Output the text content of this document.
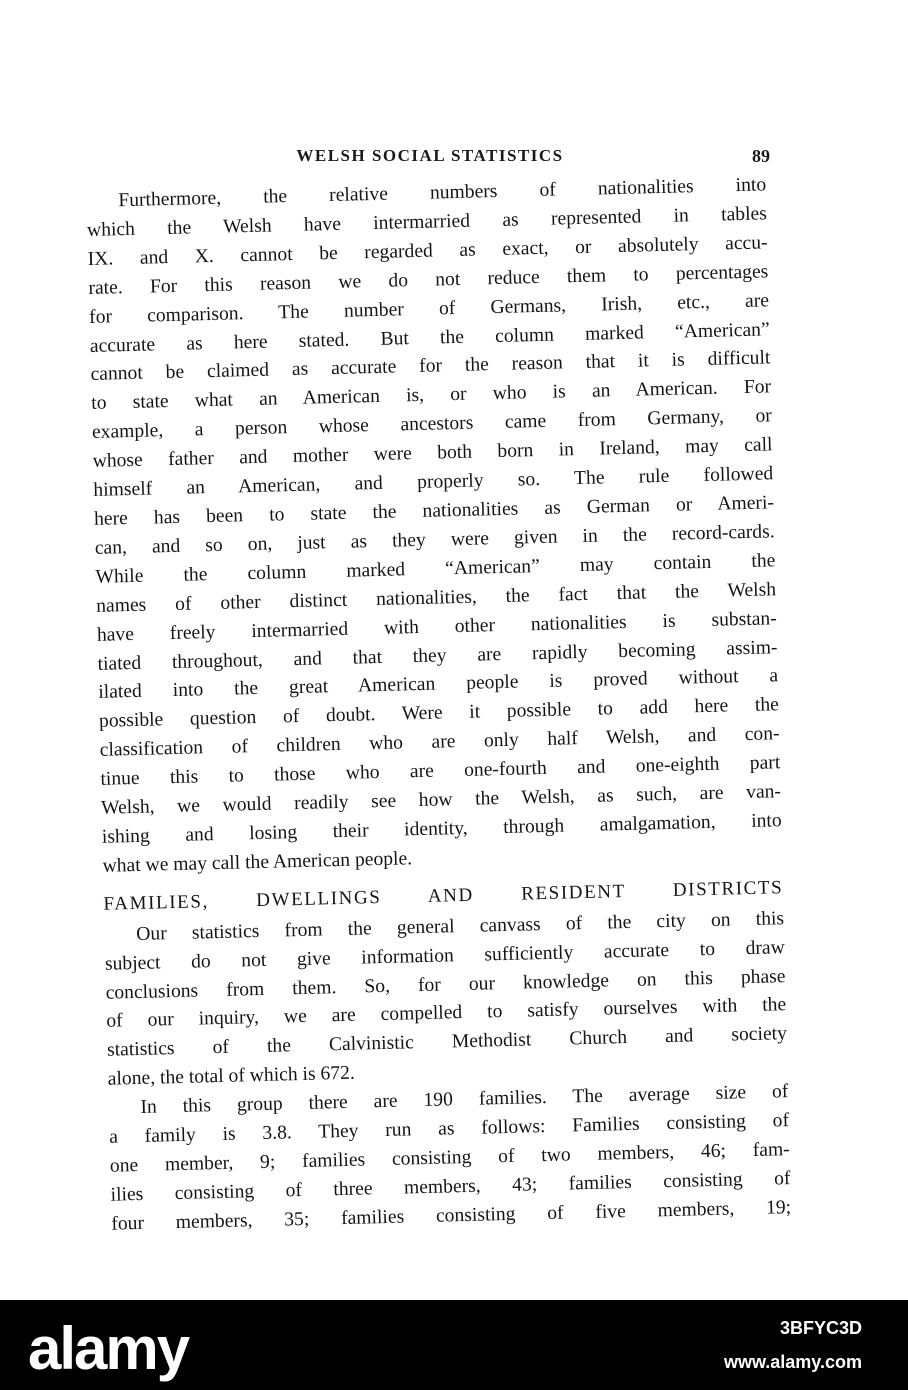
WELSH SOCIAL STATISTICS	89
Furthermore, the relative numbers of nationalities into
which the Welsh have intermarried as represented in tables
IX. and X. cannot be regarded as exact, or absolutely accu-
rate. For this reason we do not reduce them to percentages
for comparison. The number of Germans, Irish, etc., are
accurate as here stated. But the column marked “American”
cannot be claimed as accurate for the reason that it is difficult
to state what an American is, or who is an American. For
example, a person whose ancestors came from Germany, or
whose father and mother were both born in Ireland, may call
himself an American, and properly so. The rule followed
here has been to state the nationalities as German or Ameri-
can, and so on, just as they were given in the record-cards.
While the column marked “American” may contain the
names of other distinct nationalities, the fact that the Welsh
have freely intermarried with other nationalities is substan-
tiated throughout, and that they are rapidly becoming assim-
ilated into the great American people is proved without a
possible question of doubt. Were it possible to add here the
classification of children who are only half Welsh, and con-
tinue this to those who are one-fourth and one-eighth part
Welsh, we would readily see how the Welsh, as such, are van-
ishing and losing their identity, through amalgamation, into
what we may call the American people.
FAMILIES, DWELLINGS AND RESIDENT DISTRICTS
Our statistics from the general canvass of the city on this
subject do not give information sufficiently accurate to draw
conclusions from them. So, for our knowledge on this phase
of our inquiry, we are compelled to satisfy ourselves with the
statistics of the Calvinistic Methodist Church and society
alone, the total of which is 672.
In this group there are 190 families. The average size of
a family is 3.8. They run as follows: Families consisting of
one member, 9; families consisting of two members, 46; fam-
ilies consisting of three members, 43; families consisting of
four members, 35; families consisting of five members, 19;
alamy	3BFYC3D
www.alamy.com
